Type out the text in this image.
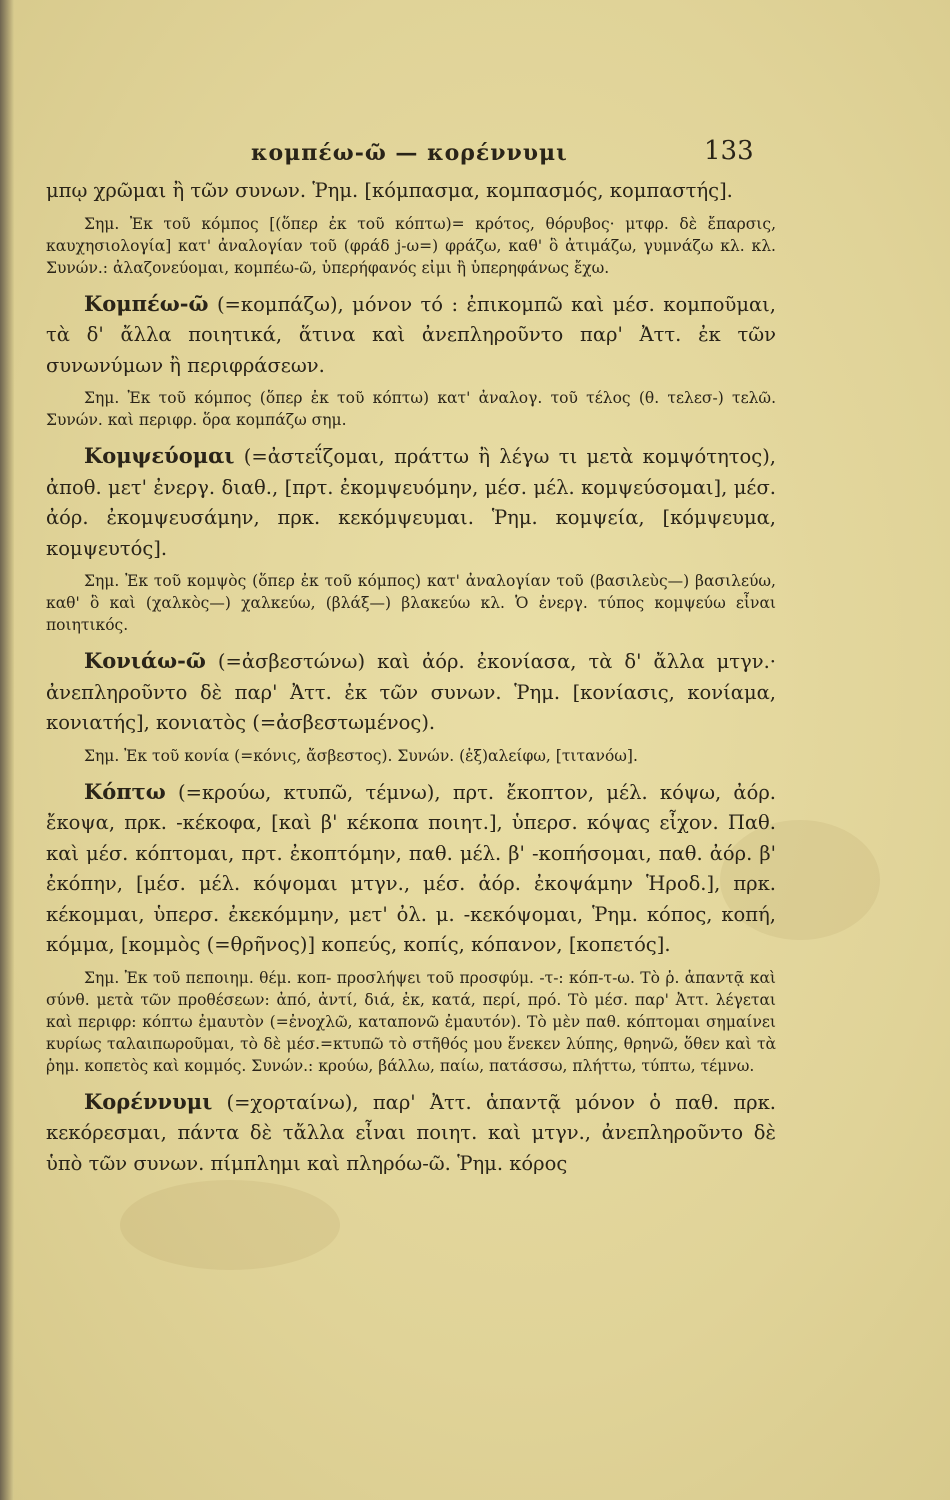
κομπέω-ῶ — κορέννυμι	133

μπῳ χρῶμαι ἢ τῶν συνων. Ῥημ. [κόμπασμα, κομπασμός, κομπαστής].

Σημ. Ἐκ τοῦ κόμπος [(ὅπερ ἐκ τοῦ κόπτω)= κρότος, θόρυβος· μτφρ. δὲ ἔπαρσις, καυχησιολογία] κατ' ἀναλογίαν τοῦ (φράδ j-ω=) φράζω, καθ' ὃ ἀτιμάζω, γυμνάζω κλ. κλ. Συνών.: ἀλαζονεύομαι, κομπέω-ῶ, ὑπερήφανός εἰμι ἢ ὑπερηφάνως ἔχω.

Κομπέω-ῶ (=κομπάζω), μόνον τό : ἐπικομπῶ καὶ μέσ. κομποῦμαι, τὰ δ' ἄλλα ποιητικά, ἅτινα καὶ ἀνεπληροῦντο παρ' Ἀττ. ἐκ τῶν συνωνύμων ἢ περιφράσεων.

Σημ. Ἐκ τοῦ κόμπος (ὅπερ ἐκ τοῦ κόπτω) κατ' ἀναλογ. τοῦ τέλος (θ. τελεσ-) τελῶ. Συνών. καὶ περιφρ. ὅρα κομπάζω σημ.

Κομψεύομαι (=ἀστεΐζομαι, πράττω ἢ λέγω τι μετὰ κομψότητος), ἀποθ. μετ' ἐνεργ. διαθ., [πρτ. ἐκομψευόμην, μέσ. μέλ. κομψεύσομαι], μέσ. ἀόρ. ἐκομψευσάμην, πρκ. κεκόμψευμαι. Ῥημ. κομψεία, [κόμψευμα, κομψευτός].

Σημ. Ἐκ τοῦ κομψὸς (ὅπερ ἐκ τοῦ κόμπος) κατ' ἀναλογίαν τοῦ (βασιλεὺς—) βασιλεύω, καθ' ὃ καὶ (χαλκὸς—) χαλκεύω, (βλάξ—) βλακεύω κλ. Ὁ ἐνεργ. τύπος κομψεύω εἶναι ποιητικός.

Κονιάω-ῶ (=ἀσβεστώνω) καὶ ἀόρ. ἐκονίασα, τὰ δ' ἄλλα μτγν.· ἀνεπληροῦντο δὲ παρ' Ἀττ. ἐκ τῶν συνων. Ῥημ. [κονίασις, κονίαμα, κονιατής], κονιατὸς (=ἀσβεστωμένος).

Σημ. Ἐκ τοῦ κονία (=κόνις, ἄσβεστος). Συνών. (ἐξ)αλείφω, [τιτανόω].

Κόπτω (=κρούω, κτυπῶ, τέμνω), πρτ. ἔκοπτον, μέλ. κόψω, ἀόρ. ἔκοψα, πρκ. -κέκοφα, [καὶ β' κέκοπα ποιητ.], ὑπερσ. κόψας εἶχον. Παθ. καὶ μέσ. κόπτομαι, πρτ. ἐκοπτόμην, παθ. μέλ. β' -κοπήσομαι, παθ. ἀόρ. β' ἐκόπην, [μέσ. μέλ. κόψομαι μτγν., μέσ. ἀόρ. ἐκοψάμην Ἡροδ.], πρκ. κέκομμαι, ὑπερσ. ἐκεκόμμην, μετ' ὀλ. μ. -κεκόψομαι, Ῥημ. κόπος, κοπή, κόμμα, [κομμὸς (=θρῆνος)] κοπεύς, κοπίς, κόπανον, [κοπετός].

Σημ. Ἐκ τοῦ πεποιημ. θέμ. κοπ- προσλήψει τοῦ προσφύμ. -τ-: κόπ-τ-ω. Τὸ ῥ. ἁπαντᾷ καὶ σύνθ. μετὰ τῶν προθέσεων: ἀπό, ἀντί, διά, ἐκ, κατά, περί, πρό. Τὸ μέσ. παρ' Ἀττ. λέγεται καὶ περιφρ: κόπτω ἐμαυτὸν (=ἐνοχλῶ, καταπονῶ ἐμαυτόν). Τὸ μὲν παθ. κόπτομαι σημαίνει κυρίως ταλαιπωροῦμαι, τὸ δὲ μέσ.=κτυπῶ τὸ στῆθός μου ἕνεκεν λύπης, θρηνῶ, ὅθεν καὶ τὰ ῥημ. κοπετὸς καὶ κομμός. Συνών.: κρούω, βάλλω, παίω, πατάσσω, πλήττω, τύπτω, τέμνω.

Κορέννυμι (=χορταίνω), παρ' Ἀττ. ἁπαντᾷ μόνον ὁ παθ. πρκ. κεκόρεσμαι, πάντα δὲ τἄλλα εἶναι ποιητ. καὶ μτγν., ἀνεπληροῦντο δὲ ὑπὸ τῶν συνων. πίμπλημι καὶ πληρόω-ῶ. Ῥημ. κόρος
